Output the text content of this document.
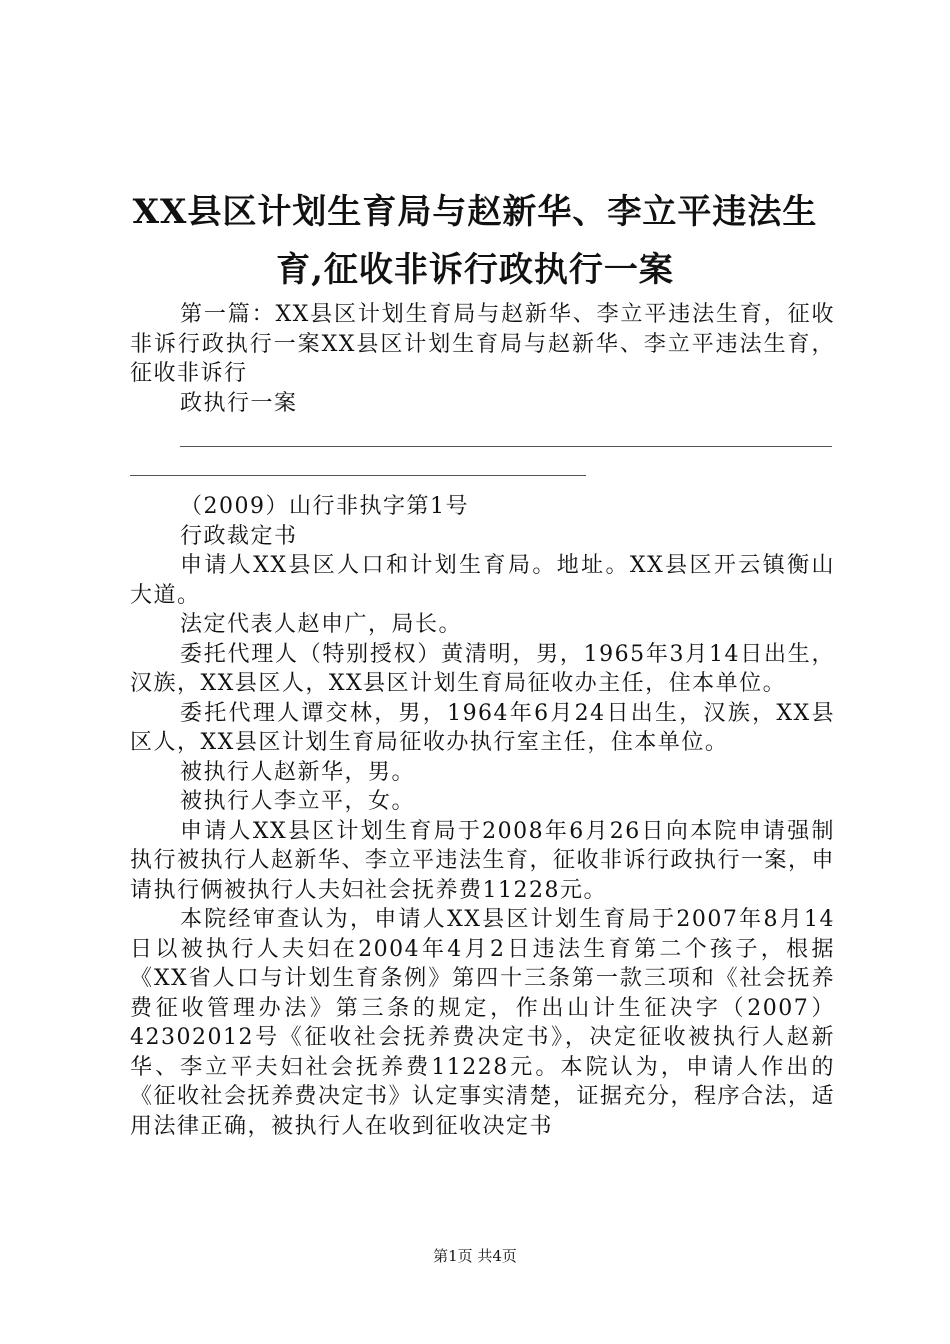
XX县区计划生育局与赵新华、李立平违法生
育,征收非诉行政执行一案

第一篇：XX县区计划生育局与赵新华、李立平违法生育，征收非诉行政执行一案XX县区计划生育局与赵新华、李立平违法生育，征收非诉行

政执行一案

（2009）山行非执字第1号

行政裁定书

申请人XX县区人口和计划生育局。地址。XX县区开云镇衡山大道。

法定代表人赵申广，局长。

委托代理人（特别授权）黄清明，男，1965年3月14日出生，汉族，XX县区人，XX县区计划生育局征收办主任，住本单位。

委托代理人谭交林，男，1964年6月24日出生，汉族，XX县区人，XX县区计划生育局征收办执行室主任，住本单位。

被执行人赵新华，男。

被执行人李立平，女。

申请人XX县区计划生育局于2008年6月26日向本院申请强制执行被执行人赵新华、李立平违法生育，征收非诉行政执行一案，申请执行俩被执行人夫妇社会抚养费11228元。

本院经审查认为，申请人XX县区计划生育局于2007年8月14日以被执行人夫妇在2004年4月2日违法生育第二个孩子，根据《XX省人口与计划生育条例》第四十三条第一款三项和《社会抚养费征收管理办法》第三条的规定，作出山计生征决字（2007）42302012号《征收社会抚养费决定书》，决定征收被执行人赵新华、李立平夫妇社会抚养费11228元。本院认为，申请人作出的《征收社会抚养费决定书》认定事实清楚，证据充分，程序合法，适用法律正确，被执行人在收到征收决定书

第1页 共4页
